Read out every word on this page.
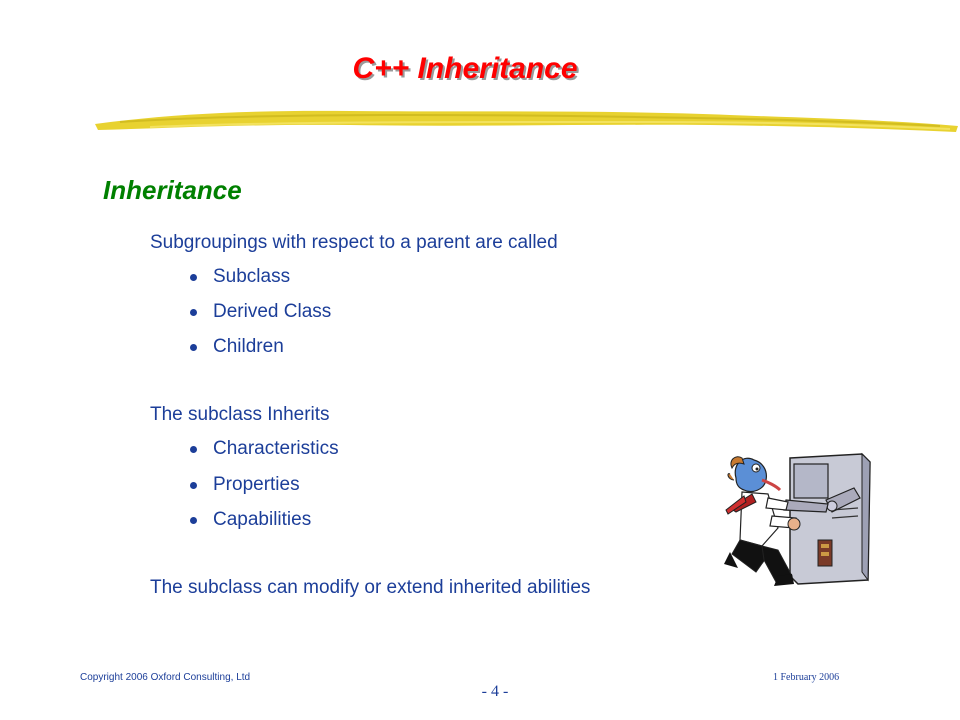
C++ Inheritance
Inheritance
Subgroupings with respect to a parent are called
Subclass
Derived Class
Children
The subclass Inherits
Characteristics
Properties
Capabilities
The subclass can modify or extend inherited abilities
Copyright 2006 Oxford Consulting, Ltd	1 February 2006
- 4 -
